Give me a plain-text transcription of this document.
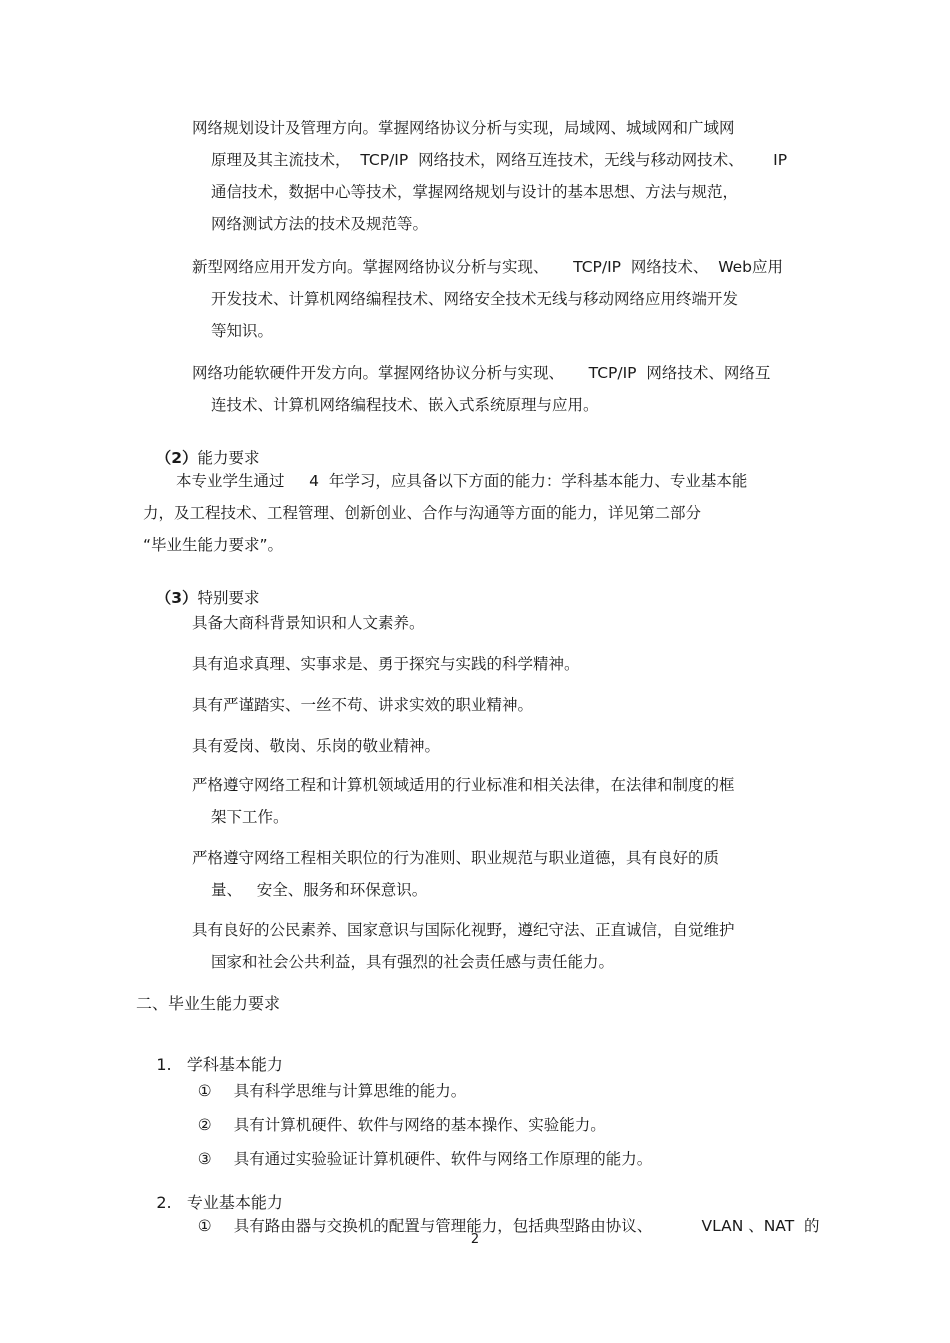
网络规划设计及管理方向。掌握网络协议分析与实现，局域网、城域网和广域网
原理及其主流技术，  TCP/IP  网络技术，网络互连技术，无线与移动网技术、      IP
通信技术，数据中心等技术，掌握网络规划与设计的基本思想、方法与规范，
网络测试方法的技术及规范等。
新型网络应用开发方向。掌握网络协议分析与实现、     TCP/IP  网络技术、  Web应用
开发技术、计算机网络编程技术、网络安全技术无线与移动网络应用终端开发
等知识。
网络功能软硬件开发方向。掌握网络协议分析与实现、     TCP/IP  网络技术、网络互
连技术、计算机网络编程技术、嵌入式系统原理与应用。

（2）能力要求

本专业学生通过     4  年学习，应具备以下方面的能力：学科基本能力、专业基本能
力，及工程技术、工程管理、创新创业、合作与沟通等方面的能力，详见第二部分
“毕业生能力要求”。

（3）特别要求

具备大商科背景知识和人文素养。
具有追求真理、实事求是、勇于探究与实践的科学精神。
具有严谨踏实、一丝不苟、讲求实效的职业精神。
具有爱岗、敬岗、乐岗的敬业精神。
严格遵守网络工程和计算机领域适用的行业标准和相关法律，在法律和制度的框
架下工作。
严格遵守网络工程相关职位的行为准则、职业规范与职业道德，具有良好的质
量、   安全、服务和环保意识。
具有良好的公民素养、国家意识与国际化视野，遵纪守法、正直诚信，自觉维护
国家和社会公共利益，具有强烈的社会责任感与责任能力。
二、毕业生能力要求

1. 学科基本能力

① 具有科学思维与计算思维的能力。

② 具有计算机硬件、软件与网络的基本操作、实验能力。

③ 具有通过实验验证计算机硬件、软件与网络工作原理的能力。

2. 专业基本能力

① 具有路由器与交换机的配置与管理能力，包括典型路由协议、          VLAN 、NAT  的

2
